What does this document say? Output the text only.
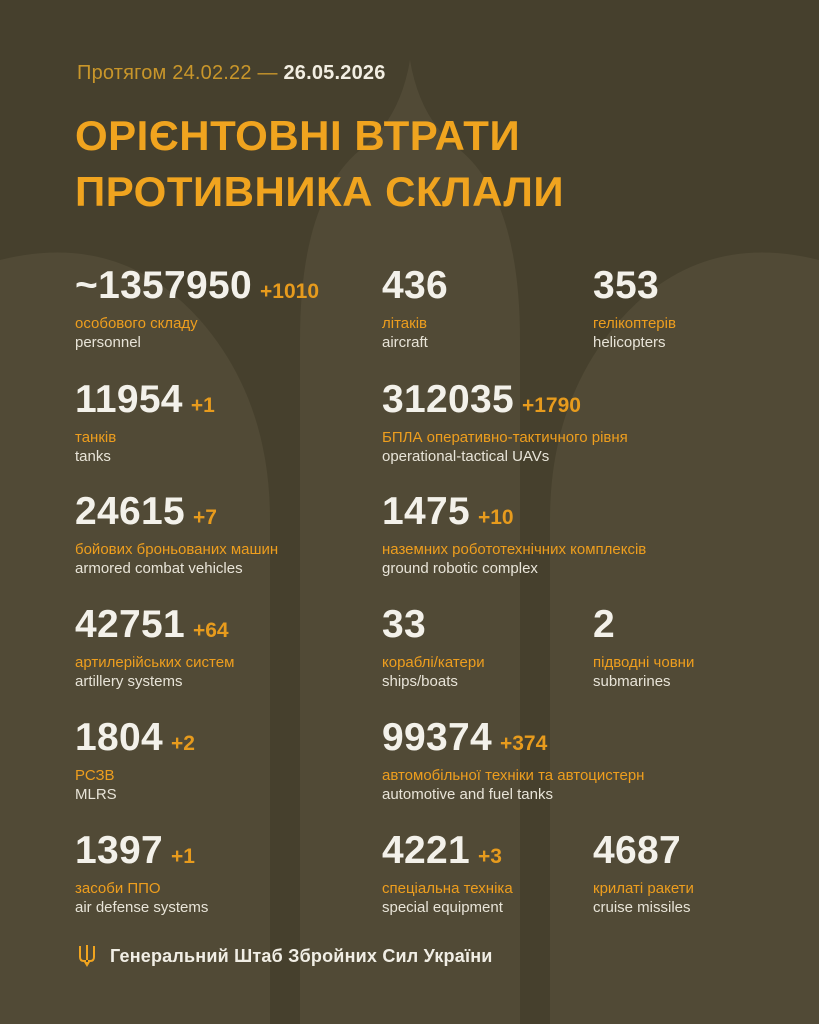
Протягом 24.02.22 — 26.05.2026
ОРІЄНТОВНІ ВТРАТИ
ПРОТИВНИКА СКЛАЛИ
~1357950 +1010
особового складу
personnel
436
літаків
aircraft
353
гелікоптерів
helicopters
11954 +1
танків
tanks
312035 +1790
БПЛА оперативно-тактичного рівня
operational-tactical UAVs
24615 +7
бойових броньованих машин
armored combat vehicles
1475 +10
наземних робототехнічних комплексів
ground robotic complex
42751 +64
артилерійських систем
artillery systems
33
кораблі/катери
ships/boats
2
підводні човни
submarines
1804 +2
РСЗВ
MLRS
99374 +374
автомобільної техніки та автоцистерн
automotive and fuel tanks
1397 +1
засоби ППО
air defense systems
4221 +3
спеціальна техніка
special equipment
4687
крилаті ракети
cruise missiles
Генеральний Штаб Збройних Сил України
